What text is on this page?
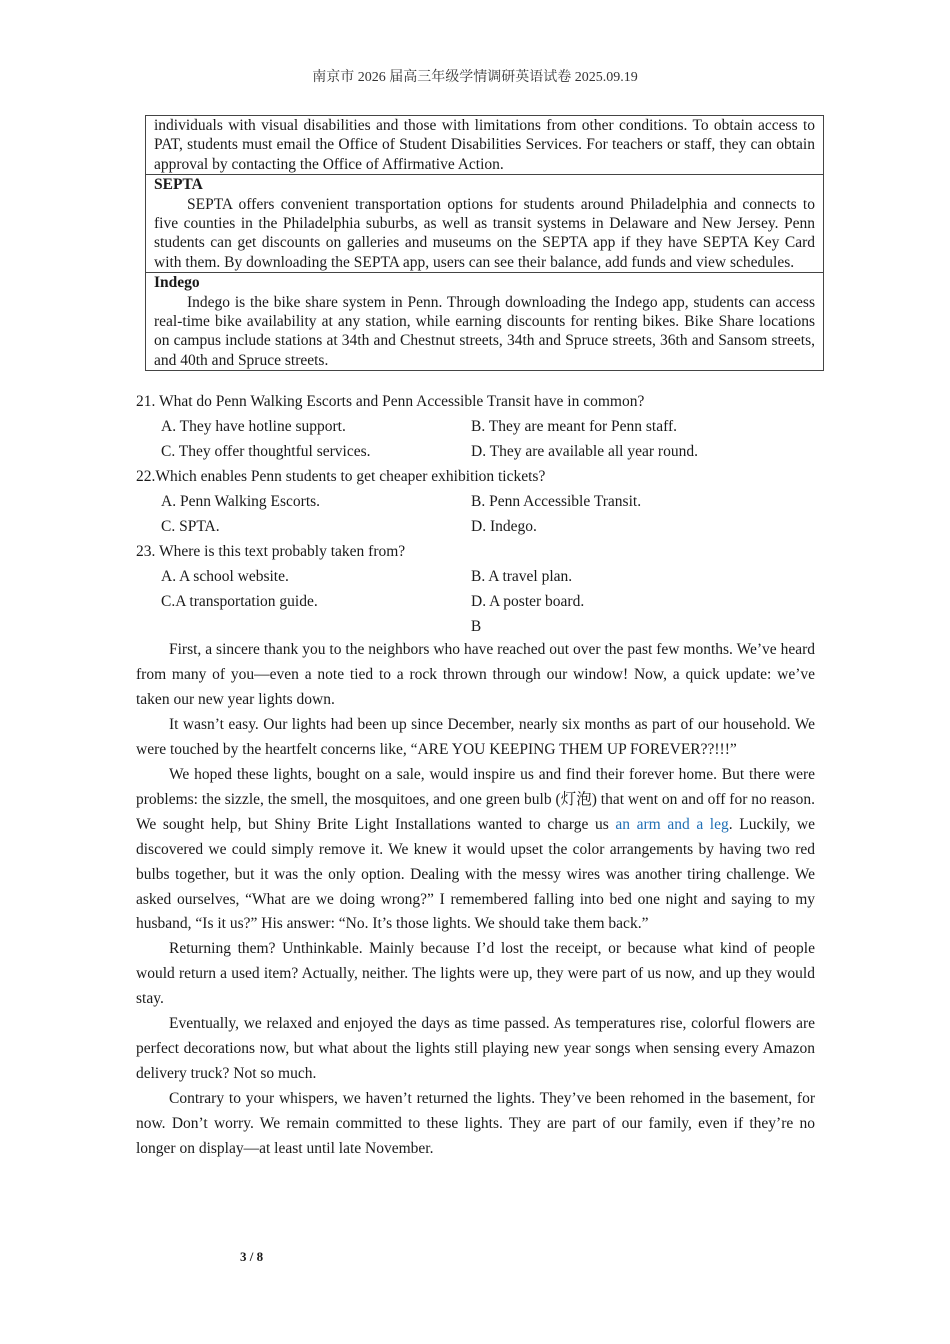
南京市 2026 届高三年级学情调研英语试卷 2025.09.19
individuals with visual disabilities and those with limitations from other conditions. To obtain access to PAT, students must email the Office of Student Disabilities Services. For teachers or staff, they can obtain approval by contacting the Office of Affirmative Action.
SEPTA
SEPTA offers convenient transportation options for students around Philadelphia and connects to five counties in the Philadelphia suburbs, as well as transit systems in Delaware and New Jersey. Penn students can get discounts on galleries and museums on the SEPTA app if they have SEPTA Key Card with them. By downloading the SEPTA app, users can see their balance, add funds and view schedules.
Indego
Indego is the bike share system in Penn. Through downloading the Indego app, students can access real-time bike availability at any station, while earning discounts for renting bikes. Bike Share locations on campus include stations at 34th and Chestnut streets, 34th and Spruce streets, 36th and Sansom streets, and 40th and Spruce streets.

21. What do Penn Walking Escorts and Penn Accessible Transit have in common?

A. They have hotline support.	B. They are meant for Penn staff.
C. They offer thoughtful services.	D. They are available all year round.

22.Which enables Penn students to get cheaper exhibition tickets?

A. Penn Walking Escorts.	B. Penn Accessible Transit.
C. SPTA.	D. Indego.

23. Where is this text probably taken from?

A. A school website.	B. A travel plan.
C.A transportation guide.	D. A poster board.
B

First, a sincere thank you to the neighbors who have reached out over the past few months. We’ve heard from many of you—even a note tied to a rock thrown through our window! Now, a quick update: we’ve taken our new year lights down.

It wasn’t easy. Our lights had been up since December, nearly six months as part of our household. We were touched by the heartfelt concerns like, “ARE YOU KEEPING THEM UP FOREVER??!!!”

We hoped these lights, bought on a sale, would inspire us and find their forever home. But there were problems: the sizzle, the smell, the mosquitoes, and one green bulb (灯泡) that went on and off for no reason. We sought help, but Shiny Brite Light Installations wanted to charge us an arm and a leg. Luckily, we discovered we could simply remove it. We knew it would upset the color arrangements by having two red bulbs together, but it was the only option. Dealing with the messy wires was another tiring challenge. We asked ourselves, “What are we doing wrong?” I remembered falling into bed one night and saying to my husband, “Is it us?” His answer: “No. It’s those lights. We should take them back.”

Returning them? Unthinkable. Mainly because I’d lost the receipt, or because what kind of people would return a used item? Actually, neither. The lights were up, they were part of us now, and up they would stay.

Eventually, we relaxed and enjoyed the days as time passed. As temperatures rise, colorful flowers are perfect decorations now, but what about the lights still playing new year songs when sensing every Amazon delivery truck? Not so much.

Contrary to your whispers, we haven’t returned the lights. They’ve been rehomed in the basement, for now. Don’t worry. We remain committed to these lights. They are part of our family, even if they’re no longer on display—at least until late November.

3 / 8
